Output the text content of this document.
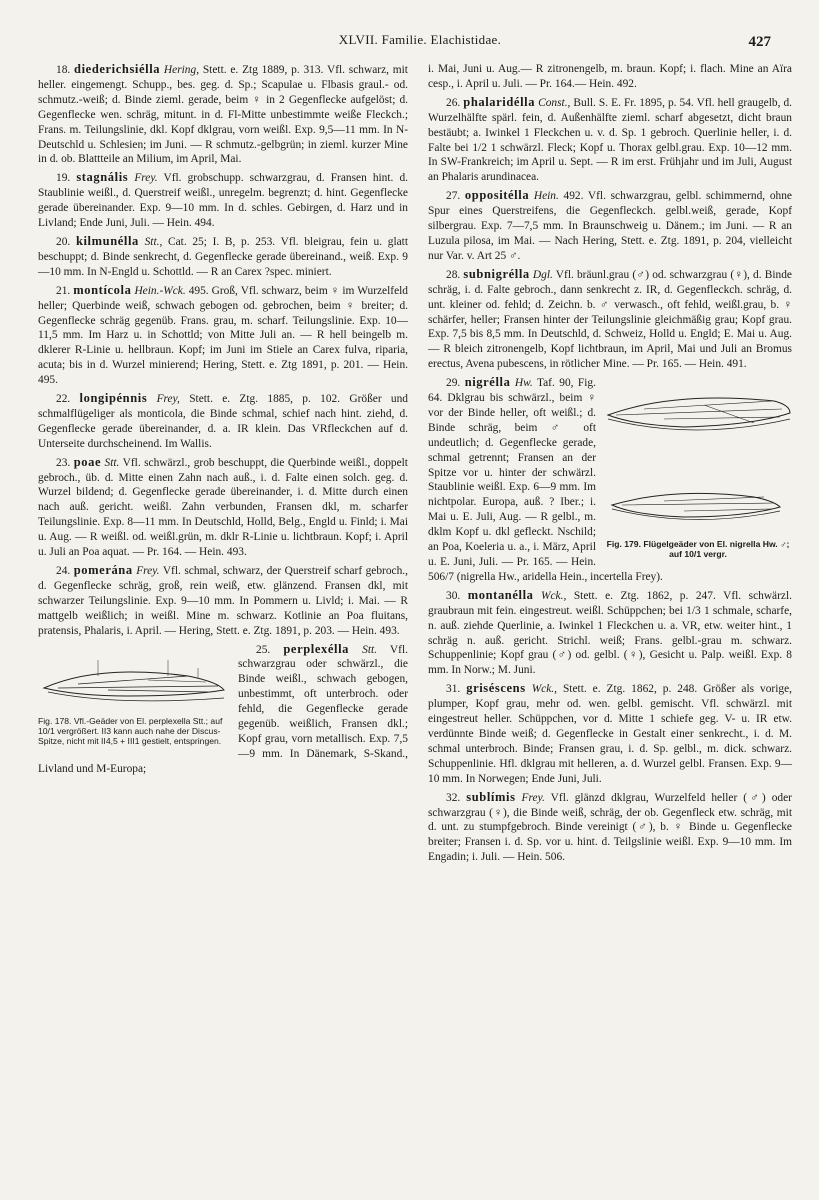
XLVII. Familie. Elachistidae.	427

18. diederichsiélla Hering, Stett. e. Ztg 1889, p. 313. Vfl. schwarz, mit heller. eingemengt. Schupp., bes. geg. d. Sp.; Scapulae u. Flbasis graul.- od. schmutz.-weiß; d. Binde zieml. gerade, beim ♀ in 2 Gegenflecke aufgelöst; d. Gegenflecke wen. schräg, mitunt. in d. Fl-Mitte unbestimmte weiße Fleckch.; Frans. m. Teilungslinie, dkl. Kopf dklgrau, vorn weißl. Exp. 9,5—11 mm. In N-Deutschld u. Schlesien; im Juni. — R schmutz.-gelbgrün; in zieml. kurzer Mine in d. ob. Blattteile an Milium, im April, Mai.

19. stagnális Frey. Vfl. grobschupp. schwarzgrau, d. Fransen hint. d. Staublinie weißl., d. Querstreif weißl., unregelm. begrenzt; d. hint. Gegenflecke gerade übereinander. Exp. 9—10 mm. In d. schles. Gebirgen, d. Harz und in Livland; Ende Juni, Juli. — Hein. 494.

20. kilmunélla Stt., Cat. 25; I. B, p. 253. Vfl. bleigrau, fein u. glatt beschuppt; d. Binde senkrecht, d. Gegenflecke gerade übereinand., weiß. Exp. 9—10 mm. In N-Engld u. Schottld. — R an Carex ?spec. miniert.

21. montícola Hein.-Wck. 495. Groß, Vfl. schwarz, beim ♀ im Wurzelfeld heller; Querbinde weiß, schwach gebogen od. gebrochen, beim ♀ breiter; d. Gegenflecke schräg gegenüb. Frans. grau, m. scharf. Teilungslinie. Exp. 10—11,5 mm. Im Harz u. in Schottld; von Mitte Juli an. — R hell beingelb m. dklerer R-Linie u. hellbraun. Kopf; im Juni im Stiele an Carex fulva, riparia, acuta; bis in d. Wurzel minierend; Hering, Stett. e. Ztg 1891, p. 201. — Hein. 495.

22. longipénnis Frey, Stett. e. Ztg. 1885, p. 102. Größer und schmalflügeliger als monticola, die Binde schmal, schief nach hint. ziehd, d. Gegenflecke gerade übereinander, d. a. IR klein. Das VRfleckchen auf d. Unterseite durchscheinend. Im Wallis.

23. poae Stt. Vfl. schwärzl., grob beschuppt, die Querbinde weißl., doppelt gebroch., üb. d. Mitte einen Zahn nach auß., i. d. Falte einen solch. geg. d. Wurzel bildend; d. Gegenflecke gerade übereinander, i. d. Mitte durch einen nach auß. gericht. weißl. Zahn verbunden, Fransen dkl, m. scharfer Teilungslinie. Exp. 8—11 mm. In Deutschld, Holld, Belg., Engld u. Finld; i. Mai u. Aug. — R weißl. od. weißl.grün, m. dklr R-Linie u. lichtbraun. Kopf; i. April u. Juli an Poa aquat. — Pr. 164. — Hein. 493.

24. pomerána Frey. Vfl. schmal, schwarz, der Querstreif scharf gebroch., d. Gegenflecke schräg, groß, rein weiß, etw. glänzend. Fransen dkl, mit schwarzer Teilungslinie. Exp. 9—10 mm. In Pommern u. Livld; i. Mai. — R mattgelb weißlich; in weißl. Mine m. schwarz. Kotlinie an Poa fluitans, pratensis, Phalaris, i. April. — Hering, Stett. e. Ztg. 1891, p. 203. — Hein. 493.

Fig. 178. Vfl.-Geäder von El. perplexella Stt.; auf 10/1 vergrößert. II3 kann auch nahe der Discus-Spitze, nicht mit II4,5 + III1 gestielt, entspringen.

25. perplexélla Stt. Vfl. schwarzgrau oder schwärzl., die Binde weißl., schwach gebogen, unbestimmt, oft unterbroch. oder fehld, die Gegenflecke gerade gegenüb. weißlich, Fransen dkl.; Kopf grau, vorn metallisch. Exp. 7,5—9 mm. In Dänemark, S-Skand., Livland und M-Europa;

i. Mai, Juni u. Aug.— R zitronengelb, m. braun. Kopf; i. flach. Mine an Aïra cesp., i. April u. Juli. — Pr. 164.— Hein. 492.

26. phalaridélla Const., Bull. S. E. Fr. 1895, p. 54. Vfl. hell graugelb, d. Wurzelhälfte spärl. fein, d. Außenhälfte zieml. scharf abgesetzt, dicht braun bestäubt; a. Iwinkel 1 Fleckchen u. v. d. Sp. 1 gebroch. Querlinie heller, i. d. Falte bei 1/2 1 schwärzl. Fleck; Kopf u. Thorax gelbl.grau. Exp. 10—12 mm. In SW-Frankreich; im April u. Sept. — R im erst. Frühjahr und im Juli, August an Phalaris arundinacea.

27. oppositélla Hein. 492. Vfl. schwarzgrau, gelbl. schimmernd, ohne Spur eines Querstreifens, die Gegenfleckch. gelbl.weiß, gerade, Kopf silbergrau. Exp. 7—7,5 mm. In Braunschweig u. Dänem.; im Juni. — R an Luzula pilosa, im Mai. — Nach Hering, Stett. e. Ztg. 1891, p. 204, vielleicht nur Var. v. Art 25 ♂.

28. subnigrélla Dgl. Vfl. bräunl.grau (♂) od. schwarzgrau (♀), d. Binde schräg, i. d. Falte gebroch., dann senkrecht z. IR, d. Gegenfleckch. schräg, d. unt. kleiner od. fehld; d. Zeichn. b. ♂ verwasch., oft fehld, weißl.grau, b. ♀ schärfer, heller; Fransen hinter der Teilungslinie gleichmäßig grau; Kopf grau. Exp. 7,5 bis 8,5 mm. In Deutschld, d. Schweiz, Holld u. Engld; E. Mai u. Aug. — R bleich zitronengelb, Kopf lichtbraun, im April, Mai und Juli an Bromus erectus, Avena pubescens, in rötlicher Mine. — Pr. 165. — Hein. 491.

Fig. 179. Flügelgeäder von El. nigrella Hw. ♂; auf 10/1 vergr.

29. nigrélla Hw. Taf. 90, Fig. 64. Dklgrau bis schwärzl., beim ♀ vor der Binde heller, oft weißl.; d. Binde schräg, beim ♂ oft undeutlich; d. Gegenflecke gerade, schmal getrennt; Fransen an der Spitze vor u. hinter der schwärzl. Staublinie weißl. Exp. 6—9 mm. Im nichtpolar. Europa, auß. ? Iber.; i. Mai u. E. Juli, Aug. — R gelbl., m. dklm Kopf u. dkl gefleckt. Nschild; an Poa, Koeleria u. a., i. März, April u. E. Juni, Juli. — Pr. 165. — Hein. 506/7 (nigrella Hw., aridella Hein., incertella Frey).

30. montanélla Wck., Stett. e. Ztg. 1862, p. 247. Vfl. schwärzl. graubraun mit fein. eingestreut. weißl. Schüppchen; bei 1/3 1 schmale, scharfe, n. auß. ziehde Querlinie, a. Iwinkel 1 Fleckchen u. a. VR, etw. weiter hint., 1 schräg n. auß. gericht. Strichl. weiß; Frans. gelbl.-grau m. schwarz. Schuppenlinie; Kopf grau (♂) od. gelbl. (♀), Gesicht u. Palp. weißl. Exp. 8 mm. In Norw.; M. Juni.

31. griséscens Wck., Stett. e. Ztg. 1862, p. 248. Größer als vorige, plumper, Kopf grau, mehr od. wen. gelbl. gemischt. Vfl. schwärzl. mit eingestreut heller. Schüppchen, vor d. Mitte 1 schiefe geg. V- u. IR etw. verdünnte Binde weiß; d. Gegenflecke in Gestalt einer senkrecht., i. d. M. schmal unterbroch. Binde; Fransen grau, i. d. Sp. gelbl., m. dick. schwarz. Schuppenlinie. Hfl. dklgrau mit helleren, a. d. Wurzel gelbl. Fransen. Exp. 9—10 mm. In Norwegen; Ende Juni, Juli.

32. sublímis Frey. Vfl. glänzd dklgrau, Wurzelfeld heller (♂) oder schwarzgrau (♀), die Binde weiß, schräg, der ob. Gegenfleck etw. schräg, mit d. unt. zu stumpfgebroch. Binde vereinigt (♂), b. ♀ Binde u. Gegenflecke breiter; Fransen i. d. Sp. vor u. hint. d. Teilgslinie weißl. Exp. 9—10 mm. Im Engadin; i. Juli. — Hein. 506.
